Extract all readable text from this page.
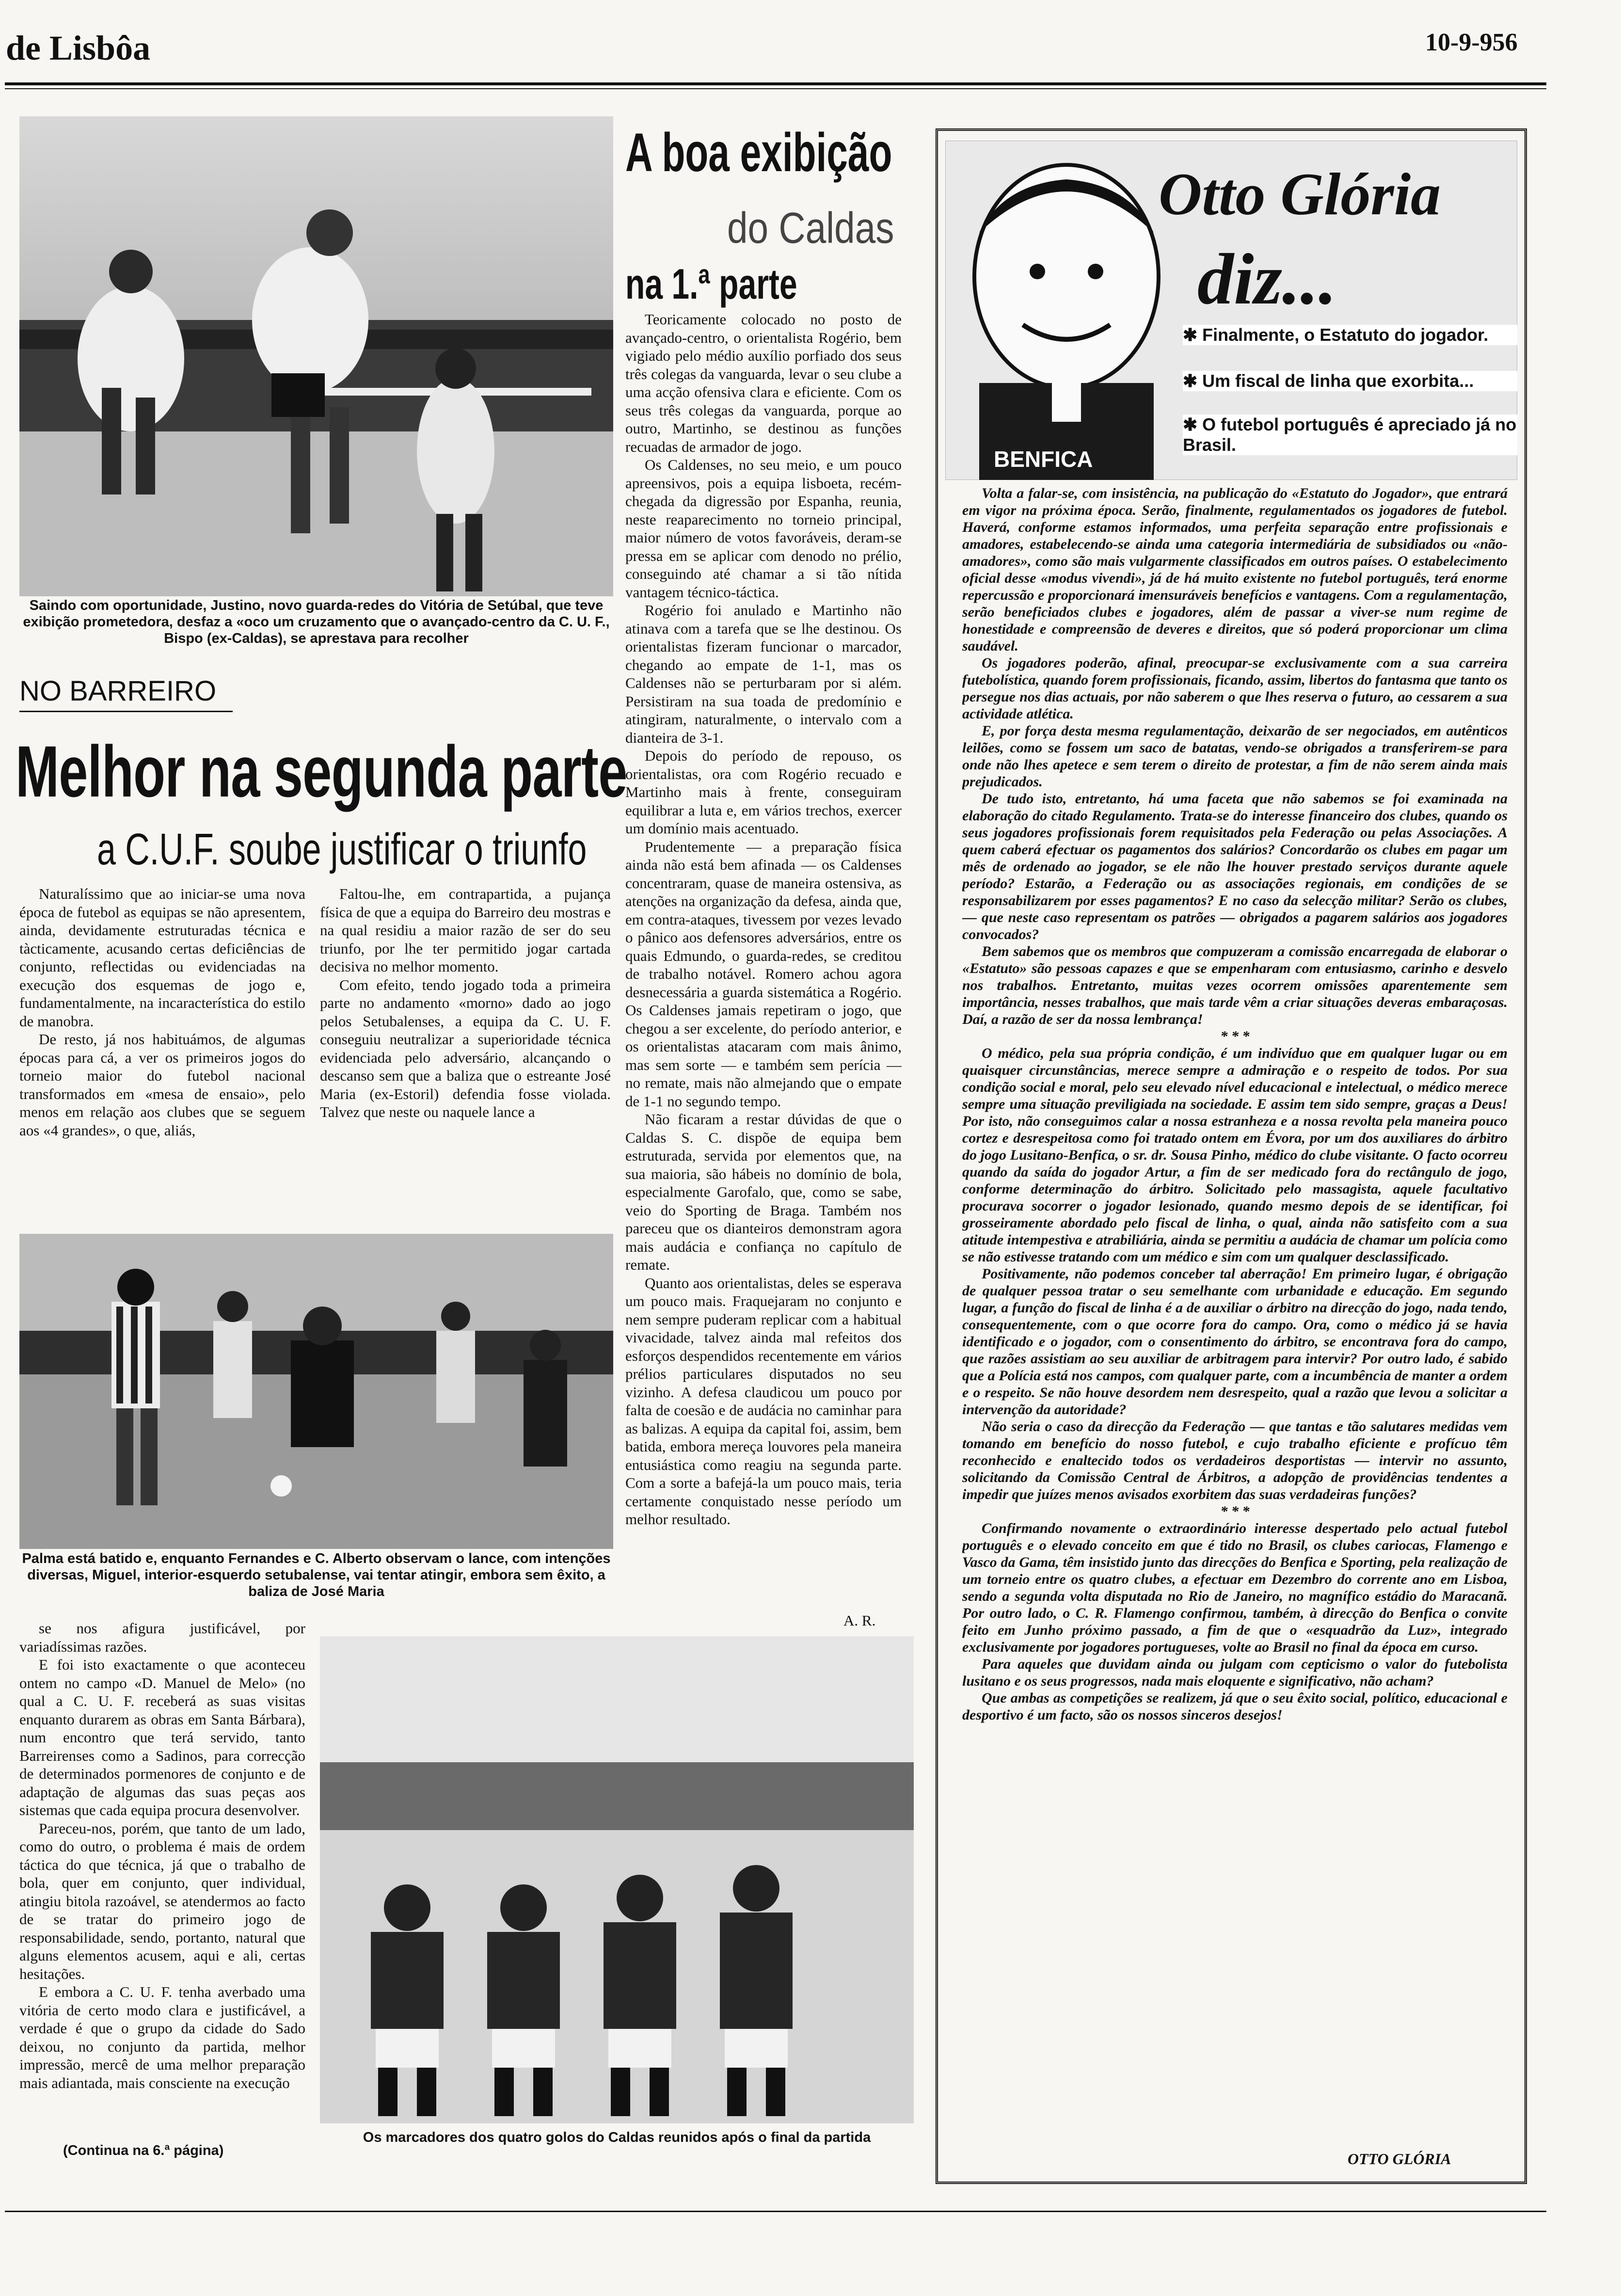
de Lisbôa	10-9-956
Saindo com oportunidade, Justino, novo guarda-redes do Vitória de Setúbal, que teve exibição prometedora, desfaz a «oco um cruzamento que o avançado-centro da C. U. F., Bispo (ex-Caldas), se aprestava para recolher
NO BARREIRO
Melhor na segunda parte
a C.U.F. soube justificar o triunfo

Naturalíssimo que ao iniciar-se uma nova época de futebol as equipas se não apresentem, ainda, devidamente estruturadas técnica e tàcticamente, acusando certas deficiências de conjunto, reflectidas ou evidenciadas na execução dos esquemas de jogo e, fundamentalmente, na incaracterística do estilo de manobra.

De resto, já nos habituámos, de algumas épocas para cá, a ver os primeiros jogos do torneio maior do futebol nacional transformados em «mesa de ensaio», pelo menos em relação aos clubes que se seguem aos «4 grandes», o que, aliás,

Faltou-lhe, em contrapartida, a pujança física de que a equipa do Barreiro deu mostras e na qual residiu a maior razão de ser do seu triunfo, por lhe ter permitido jogar cartada decisiva no melhor momento.

Com efeito, tendo jogado toda a primeira parte no andamento «morno» dado ao jogo pelos Setubalenses, a equipa da C. U. F. conseguiu neutralizar a superioridade técnica evidenciada pelo adversário, alcançando o descanso sem que a baliza que o estreante José Maria (ex-Estoril) defendia fosse violada. Talvez que neste ou naquele lance a

Palma está batido e, enquanto Fernandes e C. Alberto observam o lance, com intenções diversas, Miguel, interior-esquerdo setubalense, vai tentar atingir, embora sem êxito, a baliza de José Maria

se nos afigura justificável, por variadíssimas razões.

E foi isto exactamente o que aconteceu ontem no campo «D. Manuel de Melo» (no qual a C. U. F. receberá as suas visitas enquanto durarem as obras em Santa Bárbara), num encontro que terá servido, tanto Barreirenses como a Sadinos, para correcção de determinados pormenores de conjunto e de adaptação de algumas das suas peças aos sistemas que cada equipa procura desenvolver.

Pareceu-nos, porém, que tanto de um lado, como do outro, o problema é mais de ordem táctica do que técnica, já que o trabalho de bola, quer em conjunto, quer individual, atingiu bitola razoável, se atendermos ao facto de se tratar do primeiro jogo de responsabilidade, sendo, portanto, natural que alguns elementos acusem, aqui e ali, certas hesitações.

E embora a C. U. F. tenha averbado uma vitória de certo modo clara e justificável, a verdade é que o grupo da cidade do Sado deixou, no conjunto da partida, melhor impressão, mercê de uma melhor preparação mais adiantada, mais consciente na execução

(Continua na 6.ª página)
Os marcadores dos quatro golos do Caldas reunidos após o final da partida
A boa exibição
do Caldas
na 1.ª parte

Teoricamente colocado no posto de avançado-centro, o orientalista Rogério, bem vigiado pelo médio auxílio porfiado dos seus três colegas da vanguarda, levar o seu clube a uma acção ofensiva clara e eficiente. Com os seus três colegas da vanguarda, porque ao outro, Martinho, se destinou as funções recuadas de armador de jogo.

Os Caldenses, no seu meio, e um pouco apreensivos, pois a equipa lisboeta, recém-chegada da digressão por Espanha, reunia, neste reaparecimento no torneio principal, maior número de votos favoráveis, deram-se pressa em se aplicar com denodo no prélio, conseguindo até chamar a si tão nítida vantagem técnico-táctica.

Rogério foi anulado e Martinho não atinava com a tarefa que se lhe destinou. Os orientalistas fizeram funcionar o marcador, chegando ao empate de 1-1, mas os Caldenses não se perturbaram por si além. Persistiram na sua toada de predomínio e atingiram, naturalmente, o intervalo com a dianteira de 3-1.

Depois do período de repouso, os orientalistas, ora com Rogério recuado e Martinho mais à frente, conseguiram equilibrar a luta e, em vários trechos, exercer um domínio mais acentuado.

Prudentemente — a preparação física ainda não está bem afinada — os Caldenses concentraram, quase de maneira ostensiva, as atenções na organização da defesa, ainda que, em contra-ataques, tivessem por vezes levado o pânico aos defensores adversários, entre os quais Edmundo, o guarda-redes, se creditou de trabalho notável. Romero achou agora desnecessária a guarda sistemática a Rogério. Os Caldenses jamais repetiram o jogo, que chegou a ser excelente, do período anterior, e os orientalistas atacaram com mais ânimo, mas sem sorte — e também sem perícia — no remate, mais não almejando que o empate de 1-1 no segundo tempo.

Não ficaram a restar dúvidas de que o Caldas S. C. dispõe de equipa bem estruturada, servida por elementos que, na sua maioria, são hábeis no domínio de bola, especialmente Garofalo, que, como se sabe, veio do Sporting de Braga. Também nos pareceu que os dianteiros demonstram agora mais audácia e confiança no capítulo de remate.

Quanto aos orientalistas, deles se esperava um pouco mais. Fraquejaram no conjunto e nem sempre puderam replicar com a habitual vivacidade, talvez ainda mal refeitos dos esforços despendidos recentemente em vários prélios particulares disputados no seu vizinho. A defesa claudicou um pouco por falta de coesão e de audácia no caminhar para as balizas. A equipa da capital foi, assim, bem batida, embora mereça louvores pela maneira entusiástica como reagiu na segunda parte. Com a sorte a bafejá-la um pouco mais, teria certamente conquistado nesse período um melhor resultado.

A. R.
BENFICA
Otto Glória
diz...
✱ Finalmente, o Estatuto do jogador.
✱ Um fiscal de linha que exorbita...
✱ O futebol português é apreciado já no Brasil.

Volta a falar-se, com insistência, na publicação do «Estatuto do Jogador», que entrará em vigor na próxima época. Serão, finalmente, regulamentados os jogadores de futebol. Haverá, conforme estamos informados, uma perfeita separação entre profissionais e amadores, estabelecendo-se ainda uma categoria intermediária de subsidiados ou «não-amadores», como são mais vulgarmente classificados em outros países. O estabelecimento oficial desse «modus vivendi», já de há muito existente no futebol português, terá enorme repercussão e proporcionará imensuráveis benefícios e vantagens. Com a regulamentação, serão beneficiados clubes e jogadores, além de passar a viver-se num regime de honestidade e compreensão de deveres e direitos, que só poderá proporcionar um clima saudável.

Os jogadores poderão, afinal, preocupar-se exclusivamente com a sua carreira futebolística, quando forem profissionais, ficando, assim, libertos do fantasma que tanto os persegue nos dias actuais, por não saberem o que lhes reserva o futuro, ao cessarem a sua actividade atlética.

E, por força desta mesma regulamentação, deixarão de ser negociados, em autênticos leilões, como se fossem um saco de batatas, vendo-se obrigados a transferirem-se para onde não lhes apetece e sem terem o direito de protestar, a fim de não serem ainda mais prejudicados.

De tudo isto, entretanto, há uma faceta que não sabemos se foi examinada na elaboração do citado Regulamento. Trata-se do interesse financeiro dos clubes, quando os seus jogadores profissionais forem requisitados pela Federação ou pelas Associações. A quem caberá efectuar os pagamentos dos salários? Concordarão os clubes em pagar um mês de ordenado ao jogador, se ele não lhe houver prestado serviços durante aquele período? Estarão, a Federação ou as associações regionais, em condições de se responsabilizarem por esses pagamentos? E no caso da selecção militar? Serão os clubes, — que neste caso representam os patrões — obrigados a pagarem salários aos jogadores convocados?

Bem sabemos que os membros que compuzeram a comissão encarregada de elaborar o «Estatuto» são pessoas capazes e que se empenharam com entusiasmo, carinho e desvelo nos trabalhos. Entretanto, muitas vezes ocorrem omissões aparentemente sem importância, nesses trabalhos, que mais tarde vêm a criar situações deveras embaraçosas. Daí, a razão de ser da nossa lembrança!

* * *

O médico, pela sua própria condição, é um indivíduo que em qualquer lugar ou em quaisquer circunstâncias, merece sempre a admiração e o respeito de todos. Por sua condição social e moral, pelo seu elevado nível educacional e intelectual, o médico merece sempre uma situação previligiada na sociedade. E assim tem sido sempre, graças a Deus! Por isto, não conseguimos calar a nossa estranheza e a nossa revolta pela maneira pouco cortez e desrespeitosa como foi tratado ontem em Évora, por um dos auxiliares do árbitro do jogo Lusitano-Benfica, o sr. dr. Sousa Pinho, médico do clube visitante. O facto ocorreu quando da saída do jogador Artur, a fim de ser medicado fora do rectângulo de jogo, conforme determinação do árbitro. Solicitado pelo massagista, aquele facultativo procurava socorrer o jogador lesionado, quando mesmo depois de se identificar, foi grosseiramente abordado pelo fiscal de linha, o qual, ainda não satisfeito com a sua atitude intempestiva e atrabiliária, ainda se permitiu a audácia de chamar um polícia como se não estivesse tratando com um médico e sim com um qualquer desclassificado.

Positivamente, não podemos conceber tal aberração! Em primeiro lugar, é obrigação de qualquer pessoa tratar o seu semelhante com urbanidade e educação. Em segundo lugar, a função do fiscal de linha é a de auxiliar o árbitro na direcção do jogo, nada tendo, consequentemente, com o que ocorre fora do campo. Ora, como o médico já se havia identificado e o jogador, com o consentimento do árbitro, se encontrava fora do campo, que razões assistiam ao seu auxiliar de arbitragem para intervir? Por outro lado, é sabido que a Polícia está nos campos, com qualquer parte, com a incumbência de manter a ordem e o respeito. Se não houve desordem nem desrespeito, qual a razão que levou a solicitar a intervenção da autoridade?

Não seria o caso da direcção da Federação — que tantas e tão salutares medidas vem tomando em benefício do nosso futebol, e cujo trabalho eficiente e profícuo têm reconhecido e enaltecido todos os verdadeiros desportistas — intervir no assunto, solicitando da Comissão Central de Árbitros, a adopção de providências tendentes a impedir que juízes menos avisados exorbitem das suas verdadeiras funções?

* * *

Confirmando novamente o extraordinário interesse despertado pelo actual futebol português e o elevado conceito em que é tido no Brasil, os clubes cariocas, Flamengo e Vasco da Gama, têm insistido junto das direcções do Benfica e Sporting, pela realização de um torneio entre os quatro clubes, a efectuar em Dezembro do corrente ano em Lisboa, sendo a segunda volta disputada no Rio de Janeiro, no magnífico estádio do Maracanã. Por outro lado, o C. R. Flamengo confirmou, também, à direcção do Benfica o convite feito em Junho próximo passado, a fim de que o «esquadrão da Luz», integrado exclusivamente por jogadores portugueses, volte ao Brasil no final da época em curso.

Para aqueles que duvidam ainda ou julgam com cepticismo o valor do futebolista lusitano e os seus progressos, nada mais eloquente e significativo, não acham?

Que ambas as competições se realizem, já que o seu êxito social, político, educacional e desportivo é um facto, são os nossos sinceros desejos!

OTTO GLÓRIA
